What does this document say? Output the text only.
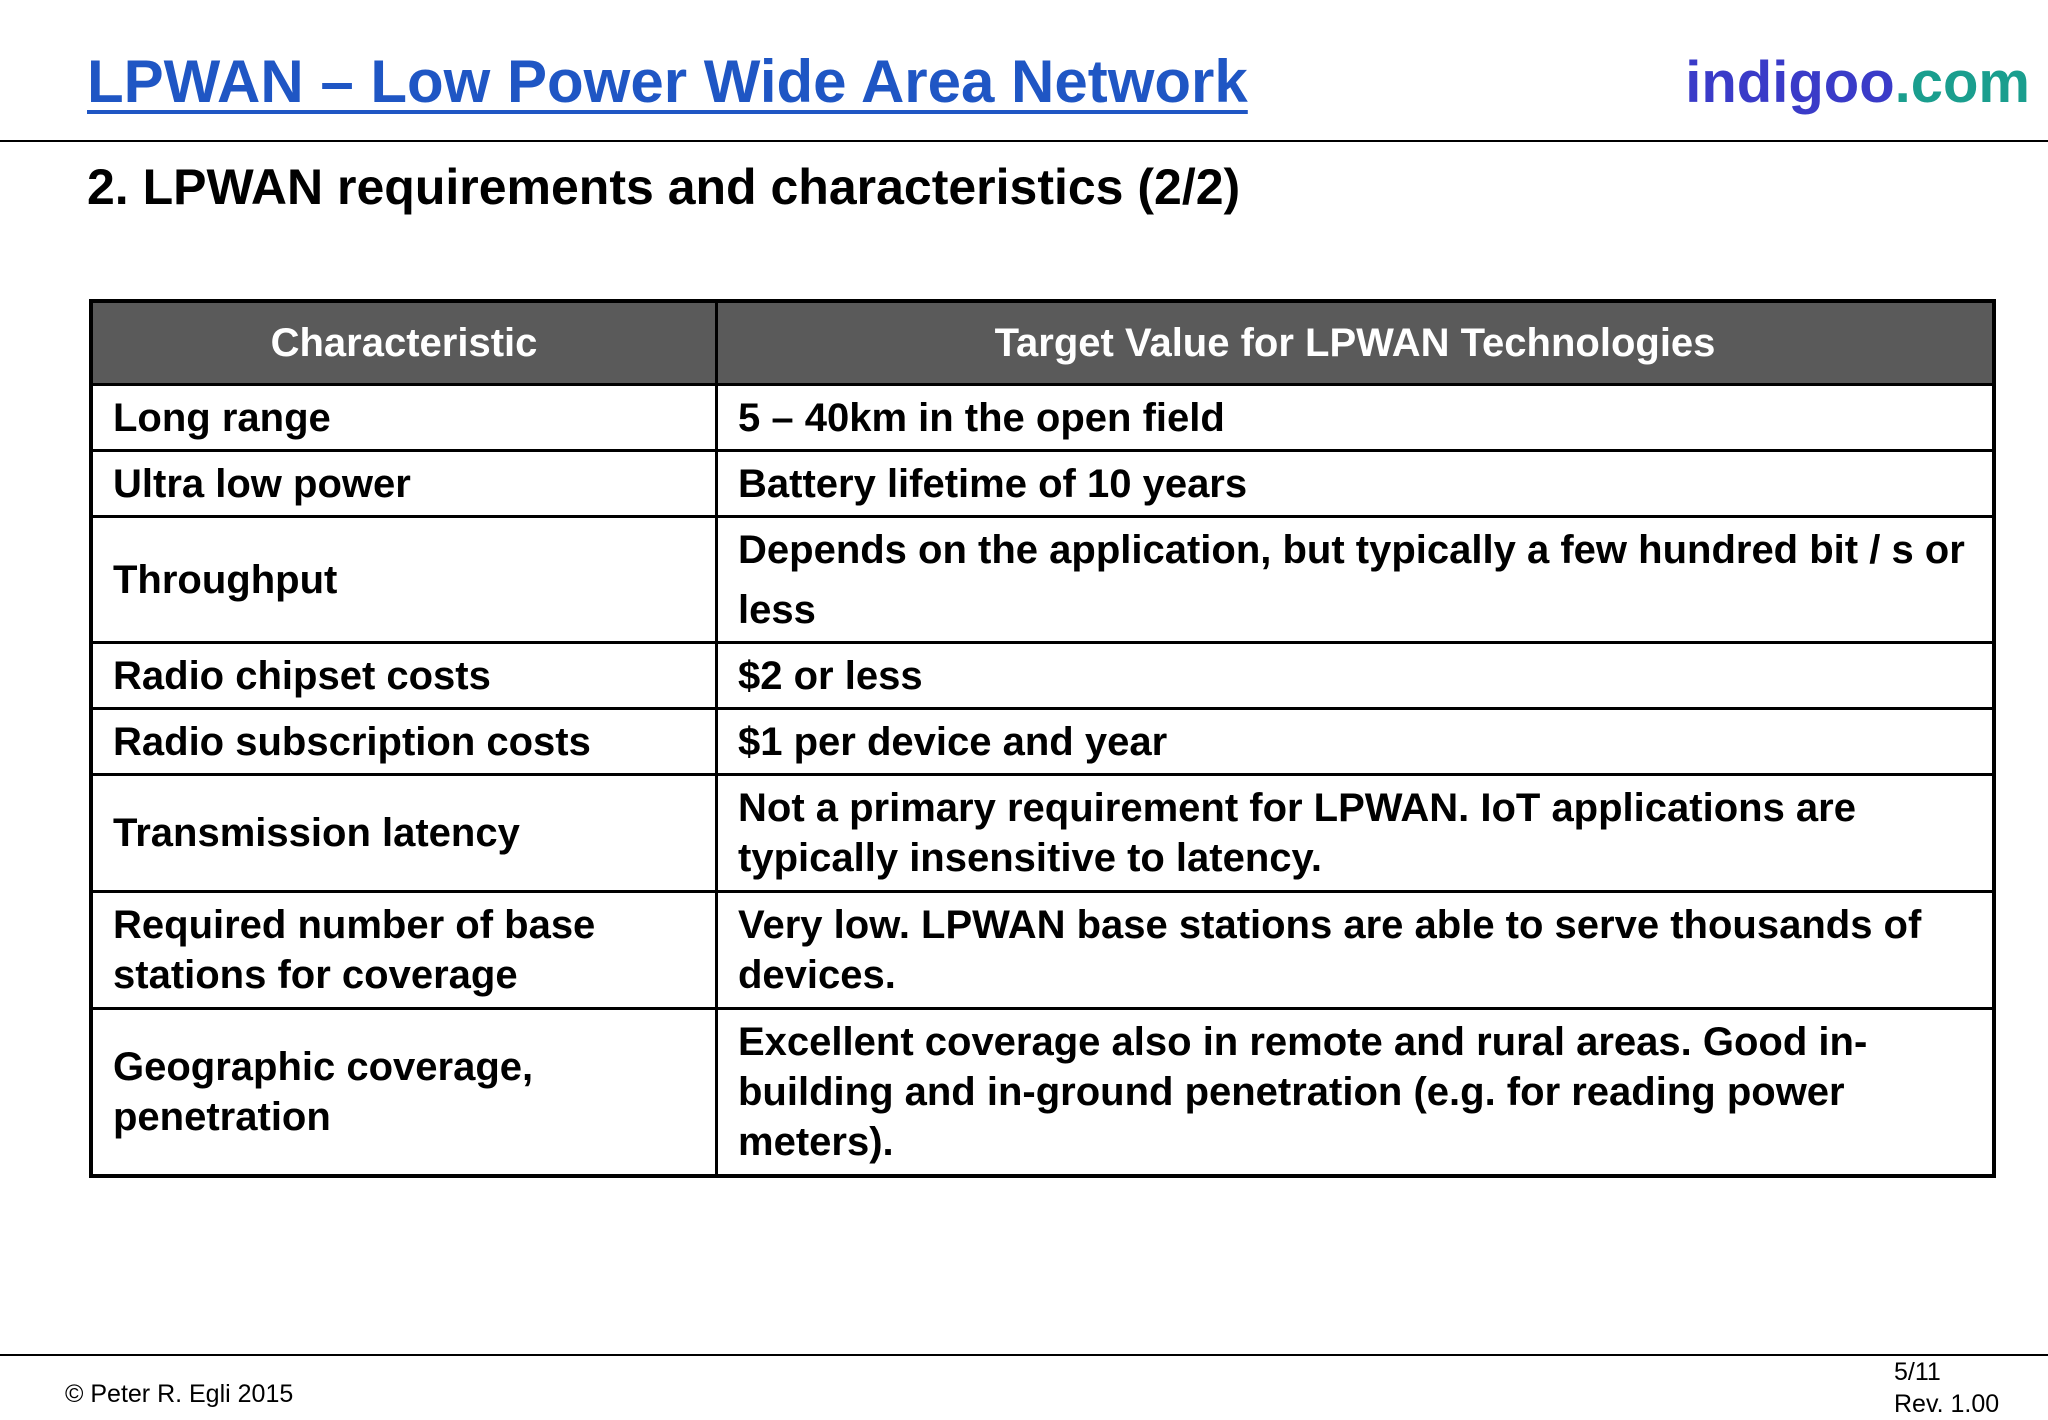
LPWAN – Low Power Wide Area Network	indigoo.com
2. LPWAN requirements and characteristics (2/2)
Characteristic	Target Value for LPWAN Technologies
Long range	5 – 40km in the open field
Ultra low power	Battery lifetime of 10 years
Throughput	Depends on the application, but typically a few hundred bit / s or less
Radio chipset costs	$2 or less
Radio subscription costs	$1 per device and year
Transmission latency	Not a primary requirement for LPWAN. IoT applications are typically insensitive to latency.
Required number of base stations for coverage	Very low. LPWAN base stations are able to serve thousands of devices.
Geographic coverage, penetration	Excellent coverage also in remote and rural areas. Good in-building and in-ground penetration (e.g. for reading power meters).
© Peter R. Egli 2015
5/11
Rev. 1.00
